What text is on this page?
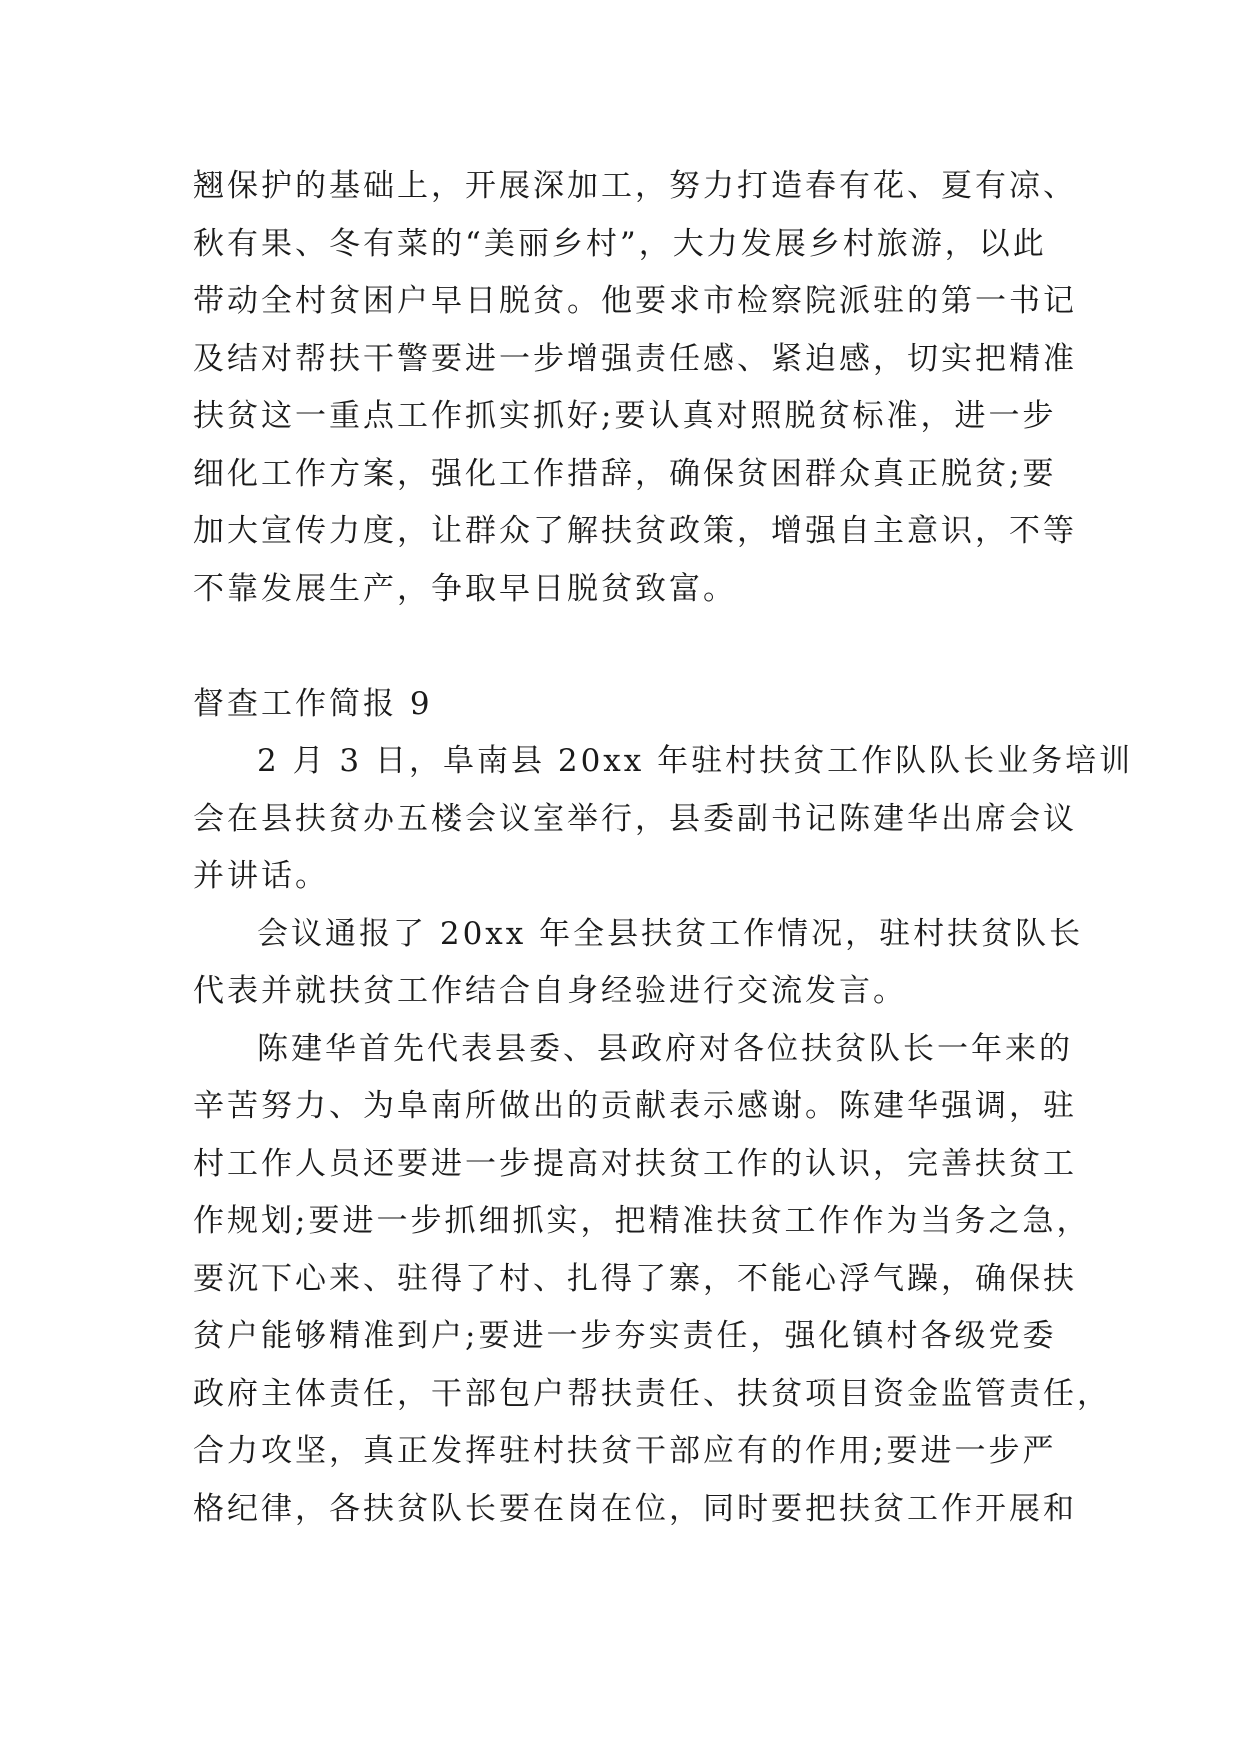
翘保护的基础上，开展深加工，努力打造春有花、夏有凉、
秋有果、冬有菜的“美丽乡村”，大力发展乡村旅游，以此
带动全村贫困户早日脱贫。他要求市检察院派驻的第一书记
及结对帮扶干警要进一步增强责任感、紧迫感，切实把精准
扶贫这一重点工作抓实抓好;要认真对照脱贫标准，进一步
细化工作方案，强化工作措辞，确保贫困群众真正脱贫;要
加大宣传力度，让群众了解扶贫政策，增强自主意识，不等
不靠发展生产，争取早日脱贫致富。
督查工作简报 9
2 月 3 日，阜南县 20xx 年驻村扶贫工作队队长业务培训
会在县扶贫办五楼会议室举行，县委副书记陈建华出席会议
并讲话。
会议通报了 20xx 年全县扶贫工作情况，驻村扶贫队长
代表并就扶贫工作结合自身经验进行交流发言。
陈建华首先代表县委、县政府对各位扶贫队长一年来的
辛苦努力、为阜南所做出的贡献表示感谢。陈建华强调，驻
村工作人员还要进一步提高对扶贫工作的认识，完善扶贫工
作规划;要进一步抓细抓实，把精准扶贫工作作为当务之急，
要沉下心来、驻得了村、扎得了寨，不能心浮气躁，确保扶
贫户能够精准到户;要进一步夯实责任，强化镇村各级党委
政府主体责任，干部包户帮扶责任、扶贫项目资金监管责任，
合力攻坚，真正发挥驻村扶贫干部应有的作用;要进一步严
格纪律，各扶贫队长要在岗在位，同时要把扶贫工作开展和
